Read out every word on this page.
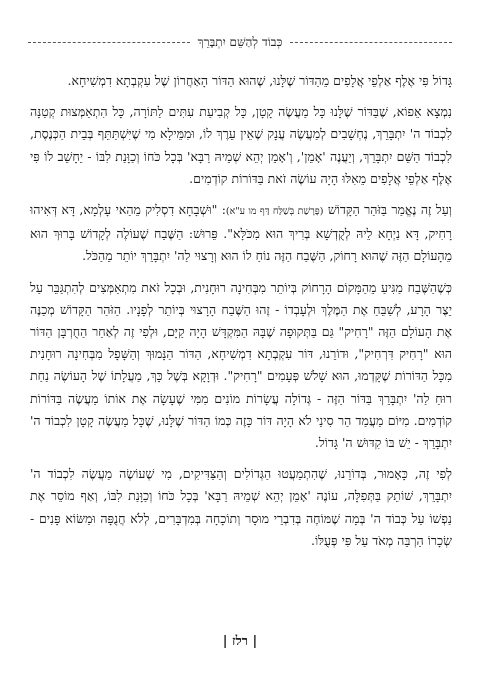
כְּבוֹד לְהַשֵּׁם יִתְבָּרֵךְ

גָּדוֹל פִּי אֶלֶף אַלְפֵי אֲלָפִים מֵהַדּוֹר שֶׁלָּנוּ, שֶׁהוּא הַדּוֹר הָאַחֲרוֹן שֶׁל עִקְבְתָא דִמְשִׁיחָא.

נִמְצָא אֵפוֹא, שֶׁבַּדּוֹר שֶׁלָּנוּ כָּל מַעֲשֶׂה קָטָן, כָּל קְבִיעַת עִתִּים לַתּוֹרָה, כָּל הִתְאַמְּצוּת קְטַנָּה לִכְבוֹד ה' יִתְבָּרֵךְ, נֶחְשָׁבִים לְמַעֲשֶׂה עֲנָק שֶׁאֵין עֵרֶךְ לוֹ, וּמִמֵּילָא מִי שֶׁיִּשְׁתַּתֵּף בְּבֵית הַכְּנֶסֶת, לִכְבוֹד הַשֵּׁם יִתְבָּרֵךְ, וְיַעֲנֶה 'אָמֵן', וְ'אָמֵן יְהֵא שְׁמֵיהּ רַבָּא' בְּכָל כֹּחוֹ וְכַוָּנַת לִבּוֹ - יֵחָשֵׁב לוֹ פִּי אֶלֶף אַלְפֵי אֲלָפִים מֵאִלּוּ הָיָה עוֹשֶׂה זֹאת בַּדּוֹרוֹת קוֹדְמִים.

וְעַל זֶה נֶאֱמַר בַּזֹּהַר הַקָּדוֹשׁ (פָּרָשַׁת בְּשַׁלַּח דַּף מו ע"א): "וּשְׁבָחָא דִסְלִיק מֵהַאי עָלְמָא, דָּא דְּאִיהוּ רָחִיק, דָּא נַיְחָא לֵיהּ לְקֻדְשָׁא בְּרִיךְ הוּא מִכֹּלָּא". פֵּרוּשׁ: הַשֶּׁבַח שֶׁעוֹלֶה לְקָדוֹשׁ בָּרוּךְ הוּא מֵהָעוֹלָם הַזֶּה שֶׁהוּא רָחוֹק, הַשֶּׁבַח הַזֶּה נוֹחַ לוֹ הוּא וְרָצוּי לַה' יִתְבָּרֵךְ יוֹתֵר מֵהַכֹּל.

כְּשֶׁהַשֶּׁבַח מַגִּיעַ מֵהַמָּקוֹם הָרָחוֹק בְּיוֹתֵר מִבְּחִינָה רוּחָנִית, וּבְכָל זֹאת מִתְאַמְּצִים לְהִתְגַּבֵּר עַל יֵצֶר הָרָע, לְשַׁבֵּחַ אֶת הַמֶּלֶךְ וּלְעָבְדוֹ - זֶהוּ הַשֶּׁבַח הָרָצוּי בְּיוֹתֵר לְפָנָיו. הַזֹּהַר הַקָּדוֹשׁ מְכַנֶּה אֶת הָעוֹלָם הַזֶּה "רָחִיק" גַּם בַּתְּקוּפָה שֶׁבָּהּ הַמִּקְדָּשׁ הָיָה קַיָּם, וּלְפִי זֶה לְאַחַר הַחֻרְבָּן הַדּוֹר הוּא "רָחִיק דִּרְחִיק", וּדוֹרֵנוּ, דּוֹר עִקְבְתָא דִמְשִׁיחָא, הַדּוֹר הַנָּמוּךְ וְהַשָּׁפָל מִבְּחִינָה רוּחָנִית מִכָּל הַדּוֹרוֹת שֶׁקָּדְמוּ, הוּא שָׁלֹשׁ פְּעָמִים "רָחִיק". וּדְוָקָא בְּשֶׁל כָּךְ, מַעֲלָתוֹ שֶׁל הָעוֹשֶׂה נַחַת רוּחַ לַה' יִתְבָּרֵךְ בַּדּוֹר הַזֶּה - גְּדוֹלָה עֲשָׂרוֹת מוֹנִים מִמִּי שֶׁעָשָׂה אֶת אוֹתוֹ מַעֲשֶׂה בַּדּוֹרוֹת קוֹדְמִים. מִיּוֹם מַעֲמַד הַר סִינַי לֹא הָיָה דּוֹר כָּזֶה כְּמוֹ הַדּוֹר שֶׁלָּנוּ, שֶׁכָּל מַעֲשֶׂה קָטָן לִכְבוֹד ה' יִתְבָּרֵךְ - יֵשׁ בּוֹ קִדּוּשׁ ה' גָּדוֹל.

לְפִי זֶה, כָּאָמוּר, בְּדוֹרֵנוּ, שֶׁהִתְמַעֲטוּ הַגְּדוֹלִים וְהַצַּדִּיקִים, מִי שֶׁעוֹשֶׂה מַעֲשֶׂה לִכְבוֹד ה' יִתְבָּרֵךְ, שׁוֹתֵק בַּתְּפִלָּה, עוֹנֶה 'אָמֵן יְהֵא שְׁמֵיהּ רַבָּא' בְּכָל כֹּחוֹ וְכַוָּנַת לִבּוֹ, וְאַף מוֹסֵר אֶת נַפְשׁוֹ עַל כְּבוֹד ה' בְּמָה שֶׁמּוֹחֶה בְּדִבְרֵי מוּסָר וְתוֹכָחָה בְּמִדְבָּרִים, לְלֹא חֲנֻפָּה וּמַשּׂוֹא פָּנִים - שְׂכָרוֹ הַרְבֵּה מְאֹד עַל פִּי פְּעֻלּוֹ.

| רלז |
